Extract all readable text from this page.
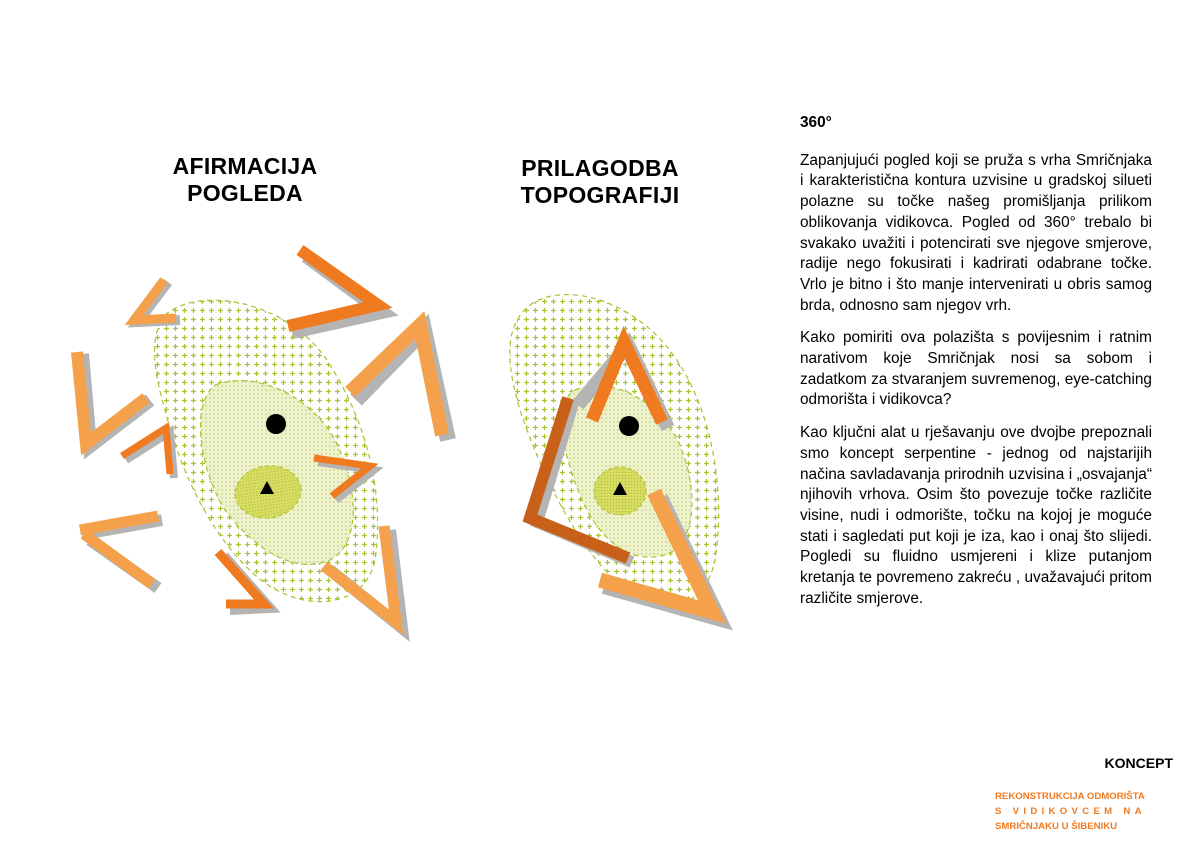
AFIRMACIJA
POGLEDA
PRILAGODBA
TOPOGRAFIJI
360°

Zapanjujući pogled koji se pruža s vrha Smričnjaka i karakteristična kontura uzvisine u gradskoj silueti polazne su točke našeg promišljanja prilikom oblikovanja vidikovca. Pogled od 360° trebalo bi svakako uvažiti i potencirati sve njegove smjerove, radije nego fokusirati i kadrirati odabrane točke. Vrlo je bitno i što manje intervenirati u obris samog brda, odnosno sam njegov vrh.

Kako pomiriti ova polazišta s povijesnim i ratnim narativom koje Smričnjak nosi sa sobom i zadatkom za stvaranjem suvremenog, eye-catching odmorišta i vidikovca?

Kao ključni alat u rješavanju ove dvojbe prepoznali smo koncept serpentine - jednog od najstarijih načina savladavanja prirodnih uzvisina i „osvajanja“ njihovih vrhova. Osim što povezuje točke različite visine, nudi i odmorište, točku na kojoj je moguće stati i sagledati put koji je iza, kao i onaj što slijedi. Pogledi su fluidno usmjereni i klize putanjom kretanja te povremeno zakreću , uvažavajući pritom različite smjerove.

KONCEPT
REKONSTRUKCIJA ODMORIŠTA
S VIDIKOVCEM NA
SMRIČNJAKU U ŠIBENIKU
